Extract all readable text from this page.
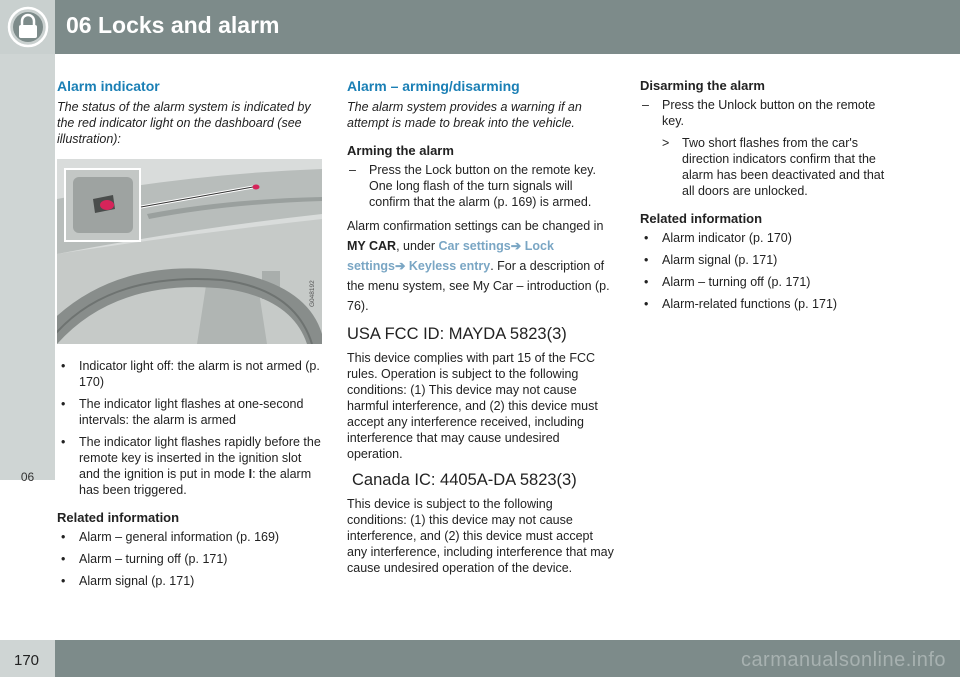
06 Locks and alarm
06
Alarm indicator
The status of the alarm system is indicated by the red indicator light on the dashboard (see illustration):
G048192
• Indicator light off: the alarm is not armed (p. 170)
• The indicator light flashes at one-second intervals: the alarm is armed
• The indicator light flashes rapidly before the remote key is inserted in the ignition slot and the ignition is put in mode I: the alarm has been triggered.
Related information
• Alarm – general information (p. 169)
• Alarm – turning off (p. 171)
• Alarm signal (p. 171)
Alarm – arming/disarming
The alarm system provides a warning if an attempt is made to break into the vehicle.
Arming the alarm
– Press the Lock button on the remote key. One long flash of the turn signals will confirm that the alarm (p. 169) is armed.

Alarm confirmation settings can be changed in MY CAR, under Car settings➔ Lock settings➔ Keyless entry. For a description of the menu system, see My Car – introduction (p. 76).

USA FCC ID: MAYDA 5823(3)

This device complies with part 15 of the FCC rules. Operation is subject to the following conditions: (1) This device may not cause harmful interference, and (2) this device must accept any interference received, including interference that may cause undesired operation.

Canada IC: 4405A-DA 5823(3)

This device is subject to the following conditions: (1) this device may not cause interference, and (2) this device must accept any interference, including interference that may cause undesired operation of the device.

Disarming the alarm
– Press the Unlock button on the remote key.
> Two short flashes from the car's direction indicators confirm that the alarm has been deactivated and that all doors are unlocked.
Related information
• Alarm indicator (p. 170)
• Alarm signal (p. 171)
• Alarm – turning off (p. 171)
• Alarm-related functions (p. 171)
170	carmanualsonline.info
